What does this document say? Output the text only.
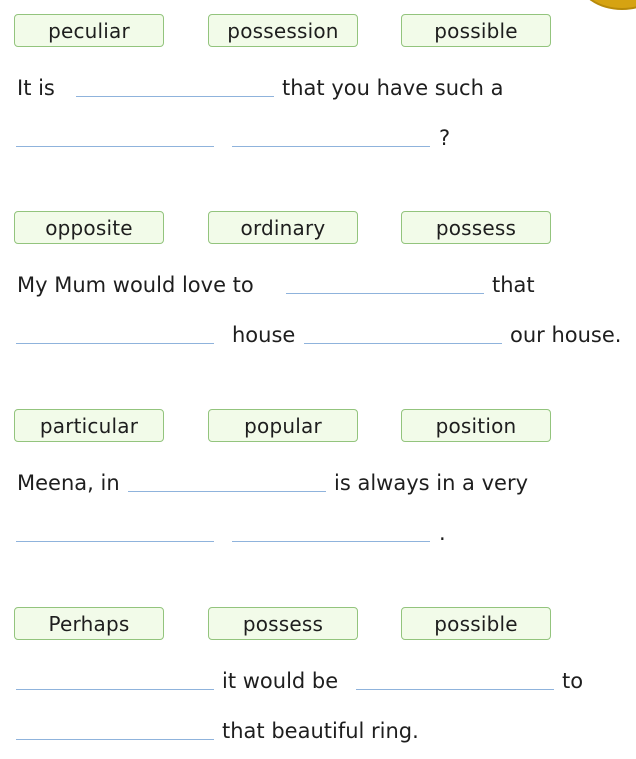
peculiar	possession	possible
It is	that you have such a
?
opposite	ordinary	possess
My Mum would love to	that
house	our house.
particular	popular	position
Meena, in	is always in a very
.
Perhaps	possess	possible
it would be	to
that beautiful ring.
